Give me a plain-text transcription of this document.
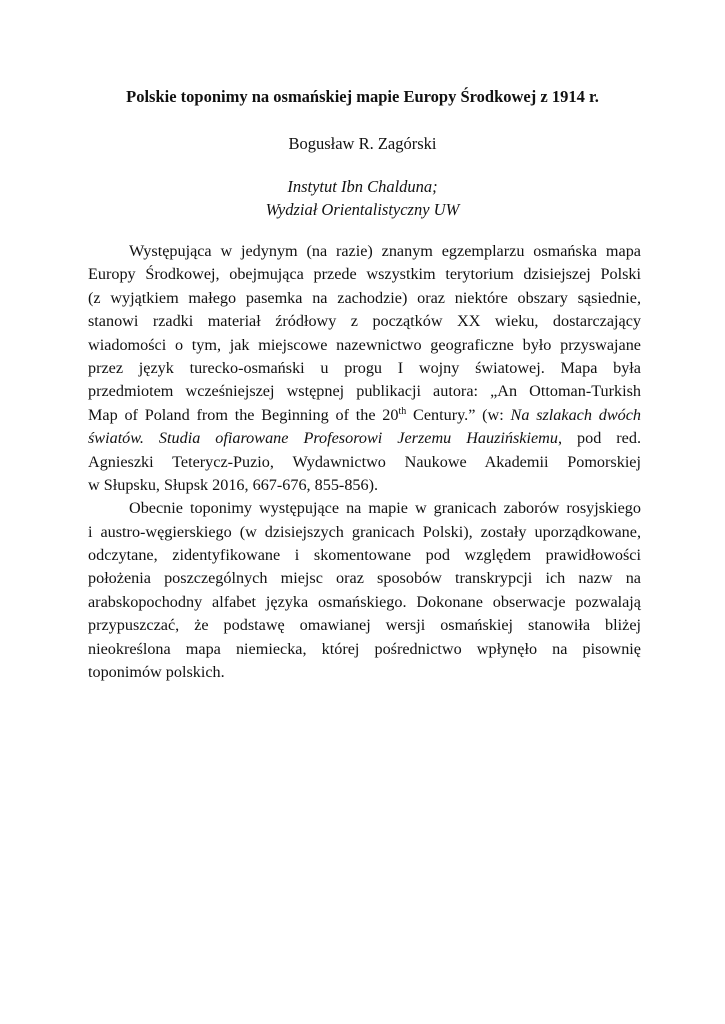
Polskie toponimy na osmańskiej mapie Europy Środkowej z 1914 r.
Bogusław R. Zagórski
Instytut Ibn Chalduna;
Wydział Orientalistyczny UW
Występująca w jedynym (na razie) znanym egzemplarzu osmańska mapa
Europy Środkowej, obejmująca przede wszystkim terytorium dzisiejszej Polski
(z wyjątkiem małego pasemka na zachodzie) oraz niektóre obszary sąsiednie,
stanowi rzadki materiał źródłowy z początków XX wieku, dostarczający
wiadomości o tym, jak miejscowe nazewnictwo geograficzne było przyswajane
przez język turecko-osmański u progu I wojny światowej. Mapa była
przedmiotem wcześniejszej wstępnej publikacji autora: „An Ottoman-Turkish
Map of Poland from the Beginning of the 20th Century.” (w: Na szlakach dwóch
światów. Studia ofiarowane Profesorowi Jerzemu Hauzińskiemu, pod red.
Agnieszki Teterycz-Puzio, Wydawnictwo Naukowe Akademii Pomorskiej
w Słupsku, Słupsk 2016, 667-676, 855-856).
Obecnie toponimy występujące na mapie w granicach zaborów rosyjskiego
i austro-węgierskiego (w dzisiejszych granicach Polski), zostały uporządkowane,
odczytane, zidentyfikowane i skomentowane pod względem prawidłowości
położenia poszczególnych miejsc oraz sposobów transkrypcji ich nazw na
arabskopochodny alfabet języka osmańskiego. Dokonane obserwacje pozwalają
przypuszczać, że podstawę omawianej wersji osmańskiej stanowiła bliżej
nieokreślona mapa niemiecka, której pośrednictwo wpłynęło na pisownię
toponimów polskich.
